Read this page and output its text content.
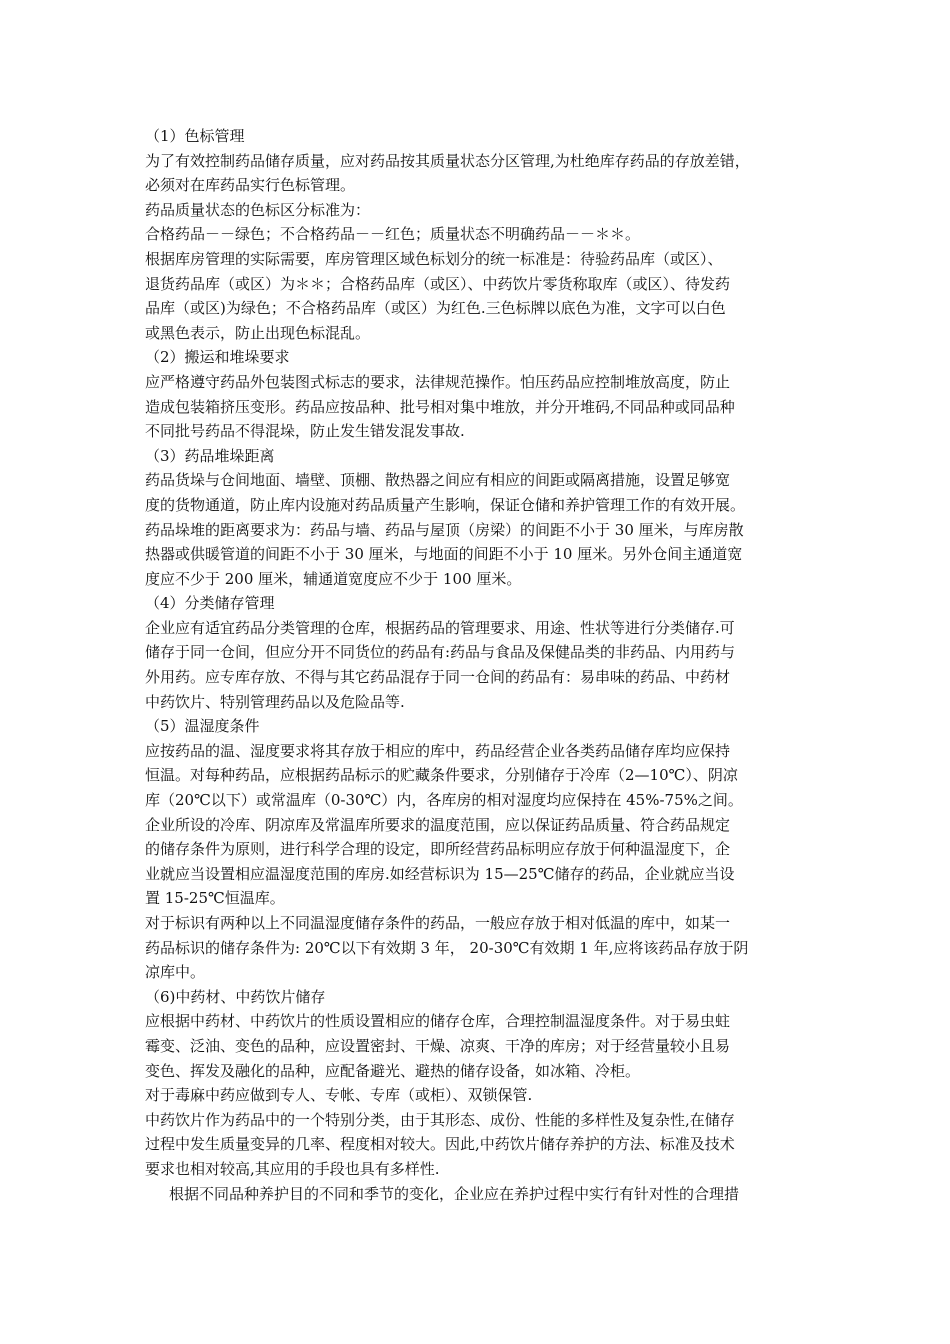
（1）色标管理
为了有效控制药品储存质量，应对药品按其质量状态分区管理,为杜绝库存药品的存放差错，
必须对在库药品实行色标管理。
药品质量状态的色标区分标准为：
合格药品－－绿色；不合格药品－－红色；质量状态不明确药品－－＊＊。
根据库房管理的实际需要，库房管理区域色标划分的统一标准是：待验药品库（或区）、
退货药品库（或区）为＊＊；合格药品库（或区）、中药饮片零货称取库（或区）、待发药
品库（或区)为绿色；不合格药品库（或区）为红色.三色标牌以底色为准，文字可以白色
或黑色表示，防止出现色标混乱。
（2）搬运和堆垛要求
应严格遵守药品外包装图式标志的要求，法律规范操作。怕压药品应控制堆放高度，防止
造成包装箱挤压变形。药品应按品种、批号相对集中堆放，并分开堆码,不同品种或同品种
不同批号药品不得混垛，防止发生错发混发事故.
（3）药品堆垛距离
药品货垛与仓间地面、墙壁、顶棚、散热器之间应有相应的间距或隔离措施，设置足够宽
度的货物通道，防止库内设施对药品质量产生影响，保证仓储和养护管理工作的有效开展。
药品垛堆的距离要求为：药品与墙、药品与屋顶（房梁）的间距不小于 30 厘米，与库房散
热器或供暖管道的间距不小于 30 厘米，与地面的间距不小于 10 厘米。另外仓间主通道宽
度应不少于 200 厘米，辅通道宽度应不少于 100 厘米。
（4）分类储存管理
企业应有适宜药品分类管理的仓库，根据药品的管理要求、用途、性状等进行分类储存.可
储存于同一仓间，但应分开不同货位的药品有:药品与食品及保健品类的非药品、内用药与
外用药。应专库存放、不得与其它药品混存于同一仓间的药品有：易串味的药品、中药材
中药饮片、特别管理药品以及危险品等.
（5）温湿度条件
应按药品的温、湿度要求将其存放于相应的库中，药品经营企业各类药品储存库均应保持
恒温。对每种药品，应根据药品标示的贮藏条件要求，分别储存于冷库（2—10℃）、阴凉
库（20℃以下）或常温库（0-30℃）内，各库房的相对湿度均应保持在 45%-75%之间。
企业所设的冷库、阴凉库及常温库所要求的温度范围，应以保证药品质量、符合药品规定
的储存条件为原则，进行科学合理的设定，即所经营药品标明应存放于何种温湿度下，企
业就应当设置相应温湿度范围的库房.如经营标识为 15—25℃储存的药品，企业就应当设
置 15-25℃恒温库。
对于标识有两种以上不同温湿度储存条件的药品，一般应存放于相对低温的库中，如某一
药品标识的储存条件为: 20℃以下有效期 3 年， 20-30℃有效期 1 年,应将该药品存放于阴
凉库中。
（6)中药材、中药饮片储存
应根据中药材、中药饮片的性质设置相应的储存仓库，合理控制温湿度条件。对于易虫蛀
霉变、泛油、变色的品种，应设置密封、干燥、凉爽、干净的库房；对于经营量较小且易
变色、挥发及融化的品种，应配备避光、避热的储存设备，如冰箱、冷柜。
对于毒麻中药应做到专人、专帐、专库（或柜）、双锁保管.
中药饮片作为药品中的一个特别分类，由于其形态、成份、性能的多样性及复杂性,在储存
过程中发生质量变异的几率、程度相对较大。因此,中药饮片储存养护的方法、标准及技术
要求也相对较高,其应用的手段也具有多样性.
根据不同品种养护目的不同和季节的变化，企业应在养护过程中实行有针对性的合理措
